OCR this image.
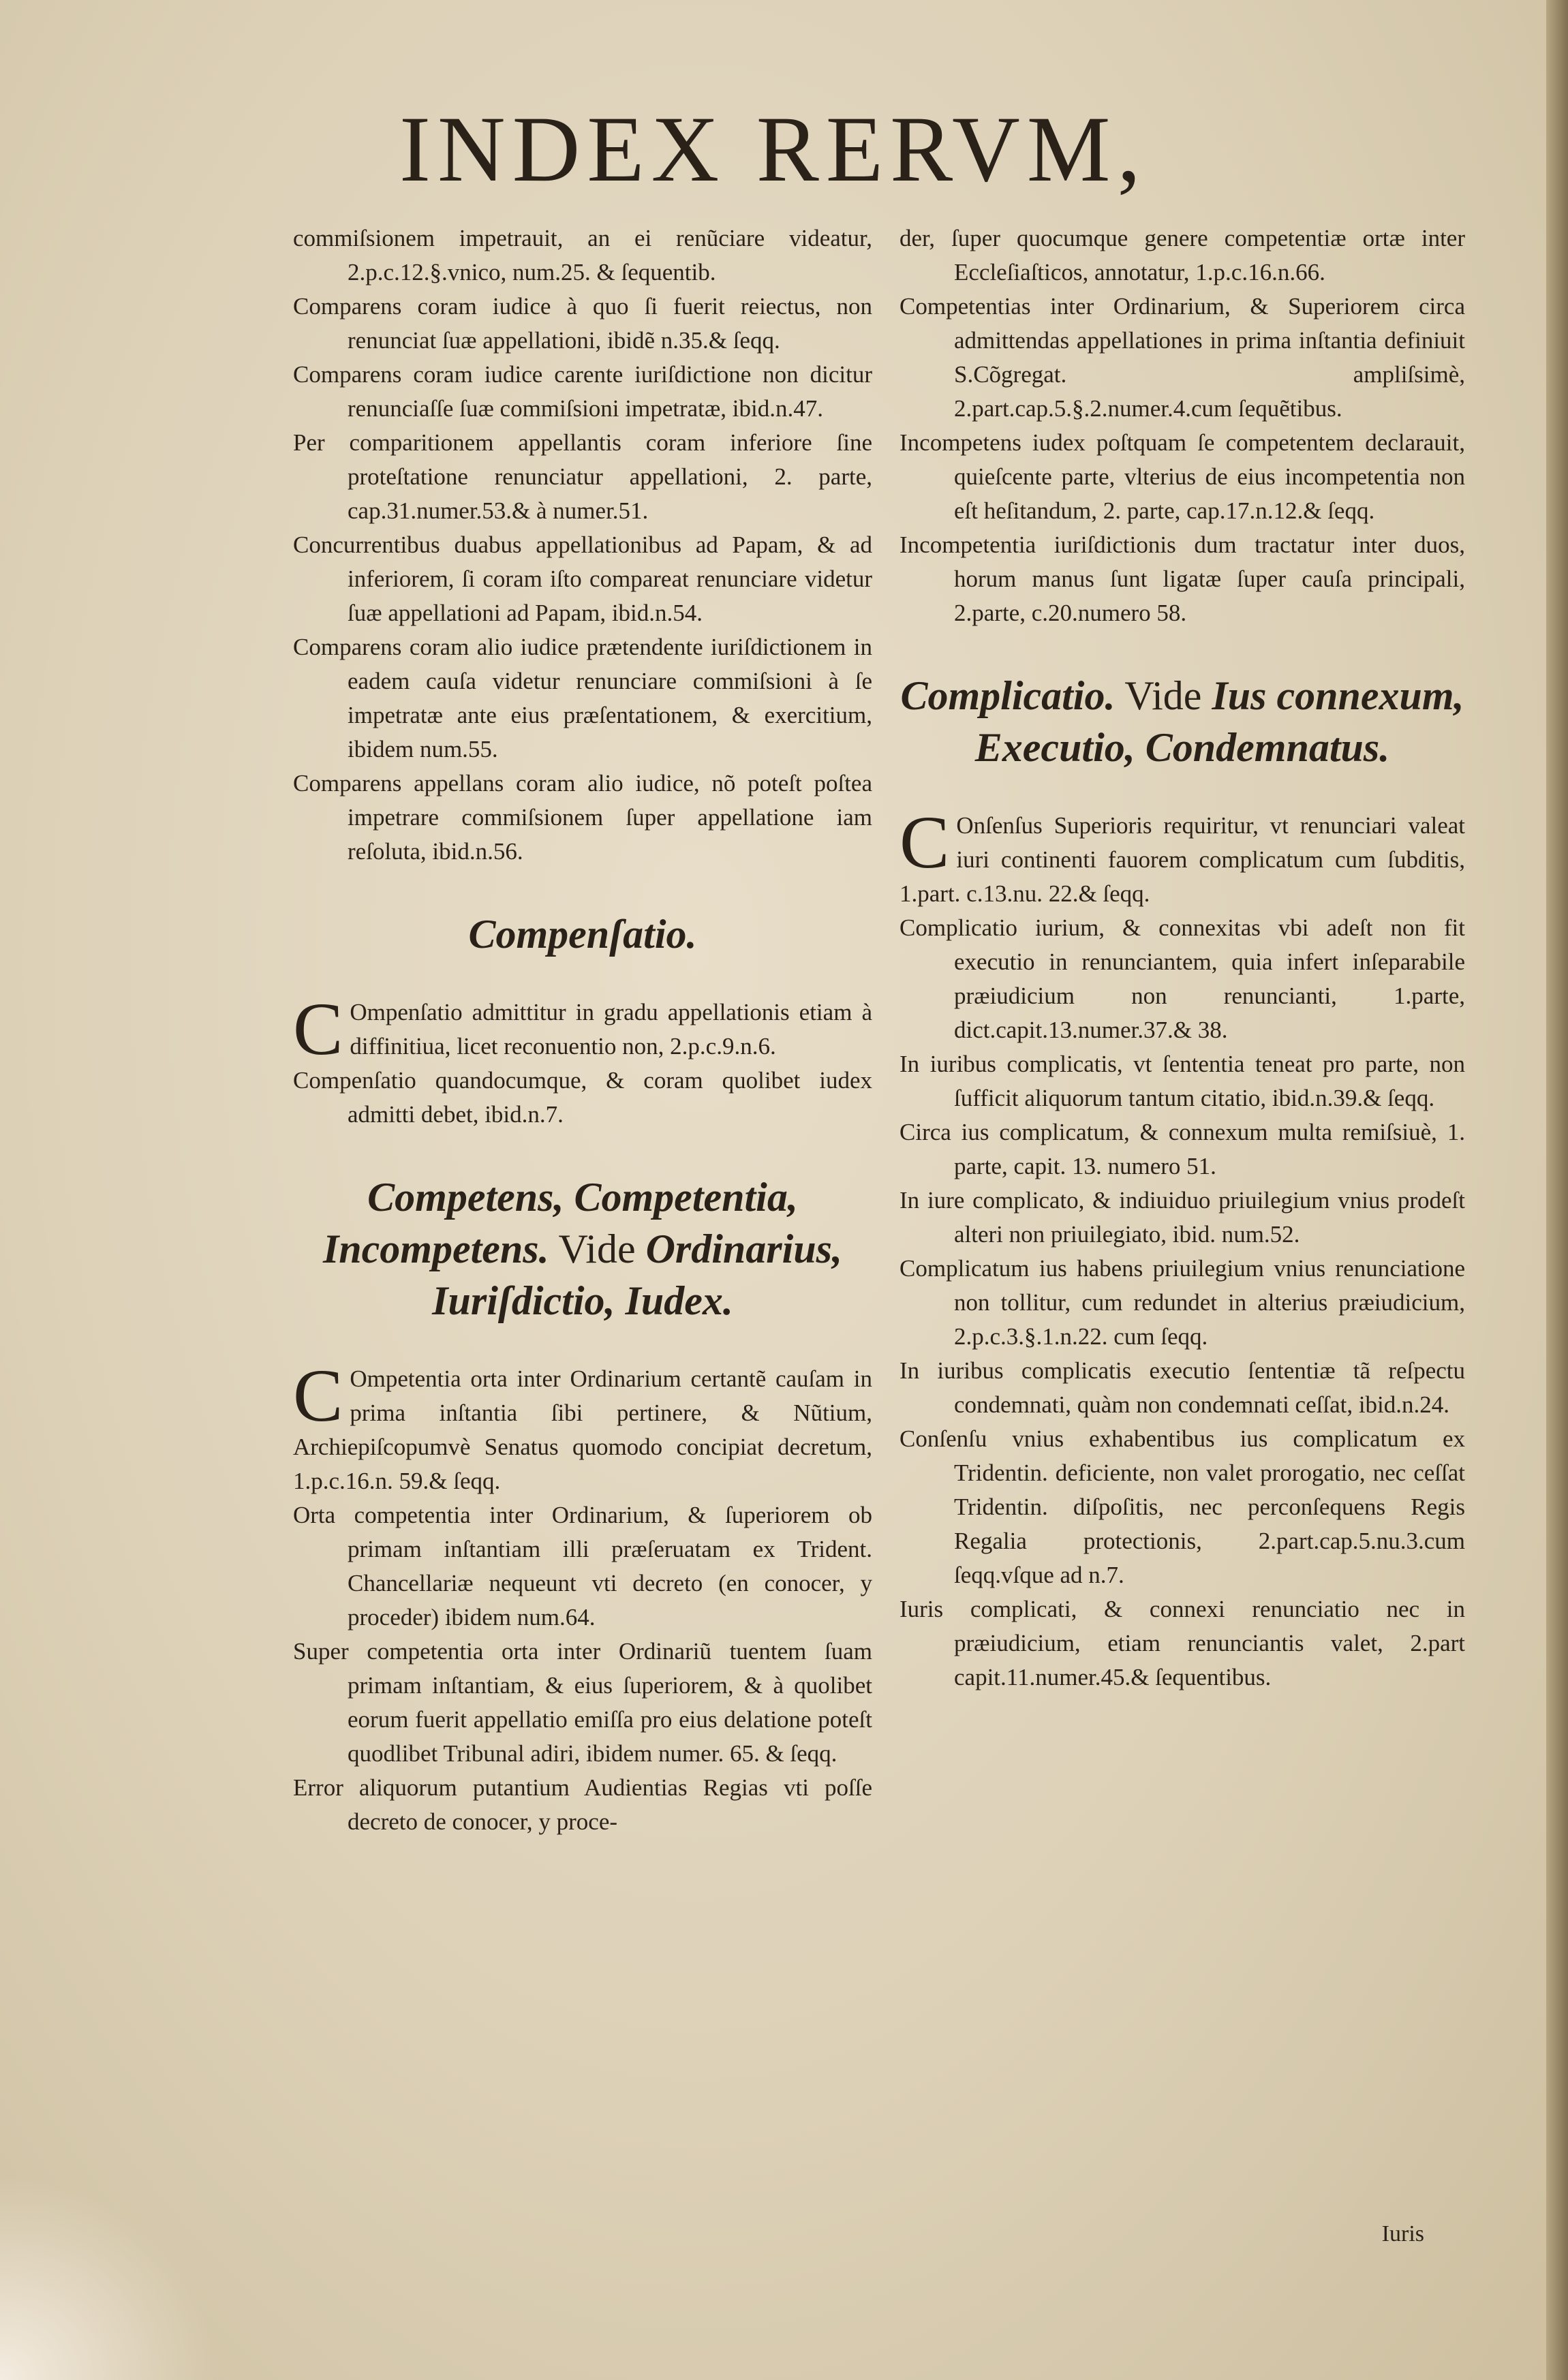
INDEX RERVM,

commiſsionem impetrauit, an ei renũciare videatur, 2.p.c.12.§.vnico, num.25. & ſequentib.

Comparens coram iudice à quo ſi fuerit reiectus, non renunciat ſuæ appellationi, ibidẽ n.35.& ſeqq.

Comparens coram iudice carente iuriſdictione non dicitur renunciaſſe ſuæ commiſsioni impetratæ, ibid.n.47.

Per comparitionem appellantis coram inferiore ſine proteſtatione renunciatur appellationi, 2. parte, cap.31.numer.53.& à numer.51.

Concurrentibus duabus appellationibus ad Papam, & ad inferiorem, ſi coram iſto compareat renunciare videtur ſuæ appellationi ad Papam, ibid.n.54.

Comparens coram alio iudice prætendente iuriſdictionem in eadem cauſa videtur renunciare commiſsioni à ſe impetratæ ante eius præſentationem, & exercitium, ibidem num.55.

Comparens appellans coram alio iudice, nõ poteſt poſtea impetrare commiſsionem ſuper appellatione iam reſoluta, ibid.n.56.

Compenſatio.

C Ompenſatio admittitur in gradu appellationis etiam à diffinitiua, licet reconuentio non, 2.p.c.9.n.6.

Compenſatio quandocumque, & coram quolibet iudex admitti debet, ibid.n.7.

Competens, Competentia, Incompetens. Vide Ordinarius, Iuriſdictio, Iudex.

C Ompetentia orta inter Ordinarium certantẽ cauſam in prima inſtantia ſibi pertinere, & Nũtium, Archiepiſcopumvè Senatus quomodo concipiat decretum, 1.p.c.16.n. 59.& ſeqq.

Orta competentia inter Ordinarium, & ſuperiorem ob primam inſtantiam illi præſeruatam ex Trident. Chancellariæ nequeunt vti decreto (en conocer, y proceder) ibidem num.64.

Super competentia orta inter Ordinariũ tuentem ſuam primam inſtantiam, & eius ſuperiorem, & à quolibet eorum fuerit appellatio emiſſa pro eius delatione poteſt quodlibet Tribunal adiri, ibidem numer. 65. & ſeqq.

Error aliquorum putantium Audientias Regias vti poſſe decreto de conocer, y proce-

der, ſuper quocumque genere competentiæ ortæ inter Eccleſiaſticos, annotatur, 1.p.c.16.n.66.

Competentias inter Ordinarium, & Superiorem circa admittendas appellationes in prima inſtantia definiuit S.Cõgregat. ampliſsimè, 2.part.cap.5.§.2.numer.4.cum ſequẽtibus.

Incompetens iudex poſtquam ſe competentem declarauit, quieſcente parte, vlterius de eius incompetentia non eſt heſitandum, 2. parte, cap.17.n.12.& ſeqq.

Incompetentia iuriſdictionis dum tractatur inter duos, horum manus ſunt ligatæ ſuper cauſa principali, 2.parte, c.20.numero 58.

Complicatio. Vide Ius connexum, Executio, Condemnatus.

C Onſenſus Superioris requiritur, vt renunciari valeat iuri continenti fauorem complicatum cum ſubditis, 1.part. c.13.nu. 22.& ſeqq.

Complicatio iurium, & connexitas vbi adeſt non fit executio in renunciantem, quia infert inſeparabile præiudicium non renuncianti, 1.parte, dict.capit.13.numer.37.& 38.

In iuribus complicatis, vt ſententia teneat pro parte, non ſufficit aliquorum tantum citatio, ibid.n.39.& ſeqq.

Circa ius complicatum, & connexum multa remiſsiuè, 1. parte, capit. 13. numero 51.

In iure complicato, & indiuiduo priuilegium vnius prodeſt alteri non priuilegiato, ibid. num.52.

Complicatum ius habens priuilegium vnius renunciatione non tollitur, cum redundet in alterius præiudicium, 2.p.c.3.§.1.n.22. cum ſeqq.

In iuribus complicatis executio ſententiæ tã reſpectu condemnati, quàm non condemnati ceſſat, ibid.n.24.

Conſenſu vnius exhabentibus ius complicatum ex Tridentin. deficiente, non valet prorogatio, nec ceſſat Tridentin. diſpoſitis, nec perconſequens Regis Regalia protectionis, 2.part.cap.5.nu.3.cum ſeqq.vſque ad n.7.

Iuris complicati, & connexi renunciatio nec in præiudicium, etiam renunciantis valet, 2.part capit.11.numer.45.& ſequentibus.

Iuris
